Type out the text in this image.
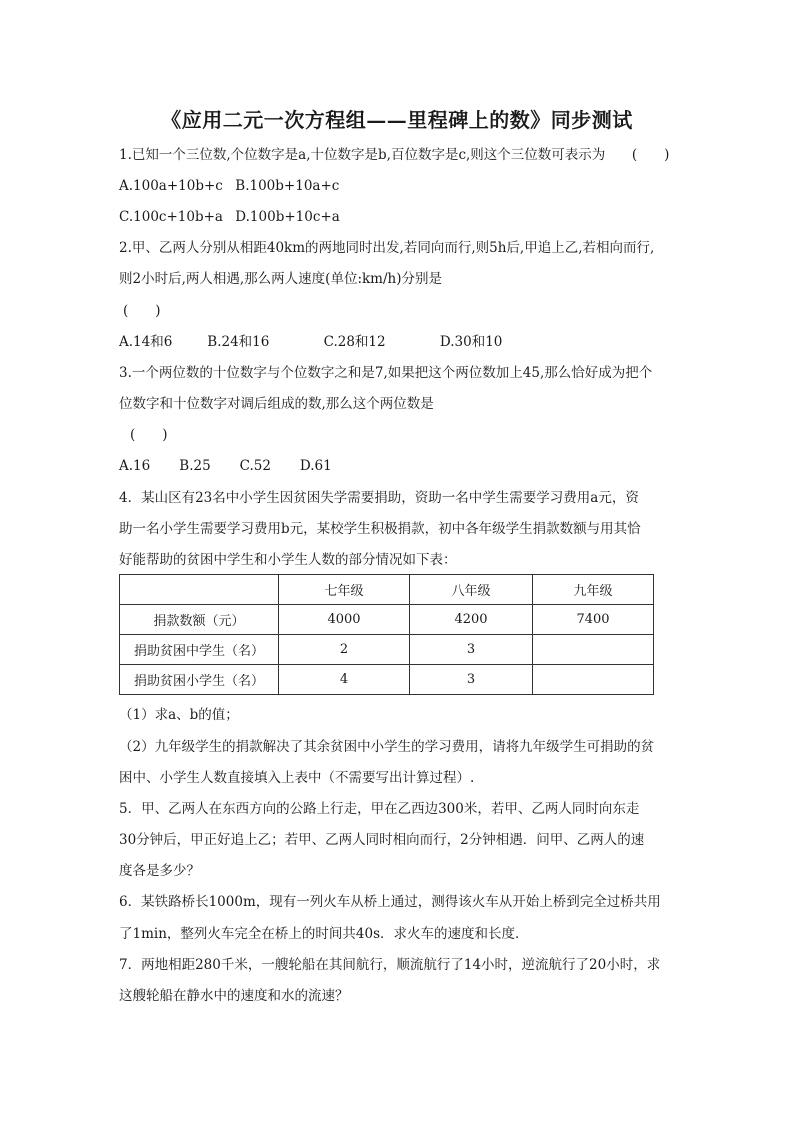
《应用二元一次方程组——里程碑上的数》同步测试
1.已知一个三位数,个位数字是a,十位数字是b,百位数字是c,则这个三位数可表示为 (　　)
A.100a+10b+c B.100b+10a+c
C.100c+10b+a D.100b+10c+a
2.甲、乙两人分别从相距40km的两地同时出发,若同向而行,则5h后,甲追上乙,若相向而行,
则2小时后,两人相遇,那么两人速度(单位:km/h)分别是
(　　)
A.14和6	B.24和16	C.28和12	D.30和10
3.一个两位数的十位数字与个位数字之和是7,如果把这个两位数加上45,那么恰好成为把个
位数字和十位数字对调后组成的数,那么这个两位数是
(　　)
A.16 B.25 C.52 D.61
4．某山区有23名中小学生因贫困失学需要捐助，资助一名中学生需要学习费用a元，资
助一名小学生需要学习费用b元，某校学生积极捐款，初中各年级学生捐款数额与用其恰
好能帮助的贫困中学生和小学生人数的部分情况如下表：
	七年级	八年级	九年级
捐款数额（元）	4000	4200	7400
捐助贫困中学生（名）	2	3	
捐助贫困小学生（名）	4	3	
（1）求a、b的值；
（2）九年级学生的捐款解决了其余贫困中小学生的学习费用，请将九年级学生可捐助的贫
困中、小学生人数直接填入上表中（不需要写出计算过程）.
5．甲、乙两人在东西方向的公路上行走，甲在乙西边300米，若甲、乙两人同时向东走
30分钟后，甲正好追上乙；若甲、乙两人同时相向而行，2分钟相遇．问甲、乙两人的速
度各是多少？
6．某铁路桥长1000m，现有一列火车从桥上通过，测得该火车从开始上桥到完全过桥共用
了1min，整列火车完全在桥上的时间共40s．求火车的速度和长度．
7．两地相距280千米，一艘轮船在其间航行，顺流航行了14小时，逆流航行了20小时，求
这艘轮船在静水中的速度和水的流速？
